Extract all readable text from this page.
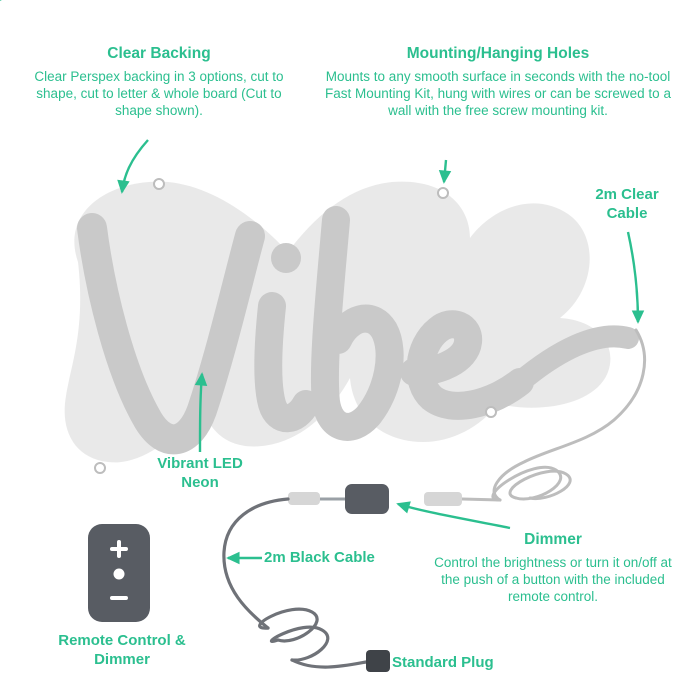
Clear Backing
Clear Perspex backing in 3 options, cut to shape, cut to letter & whole board (Cut to shape shown).
Mounting/Hanging Holes
Mounts to any smooth surface in seconds with the no-tool Fast Mounting Kit, hung with wires or can be screwed to a wall with the free screw mounting kit.
2m Clear Cable
Vibrant LED Neon
Dimmer
Control the brightness or turn it on/off at the push of a button with the included remote control.
2m Black Cable
Standard Plug
Remote Control & Dimmer
